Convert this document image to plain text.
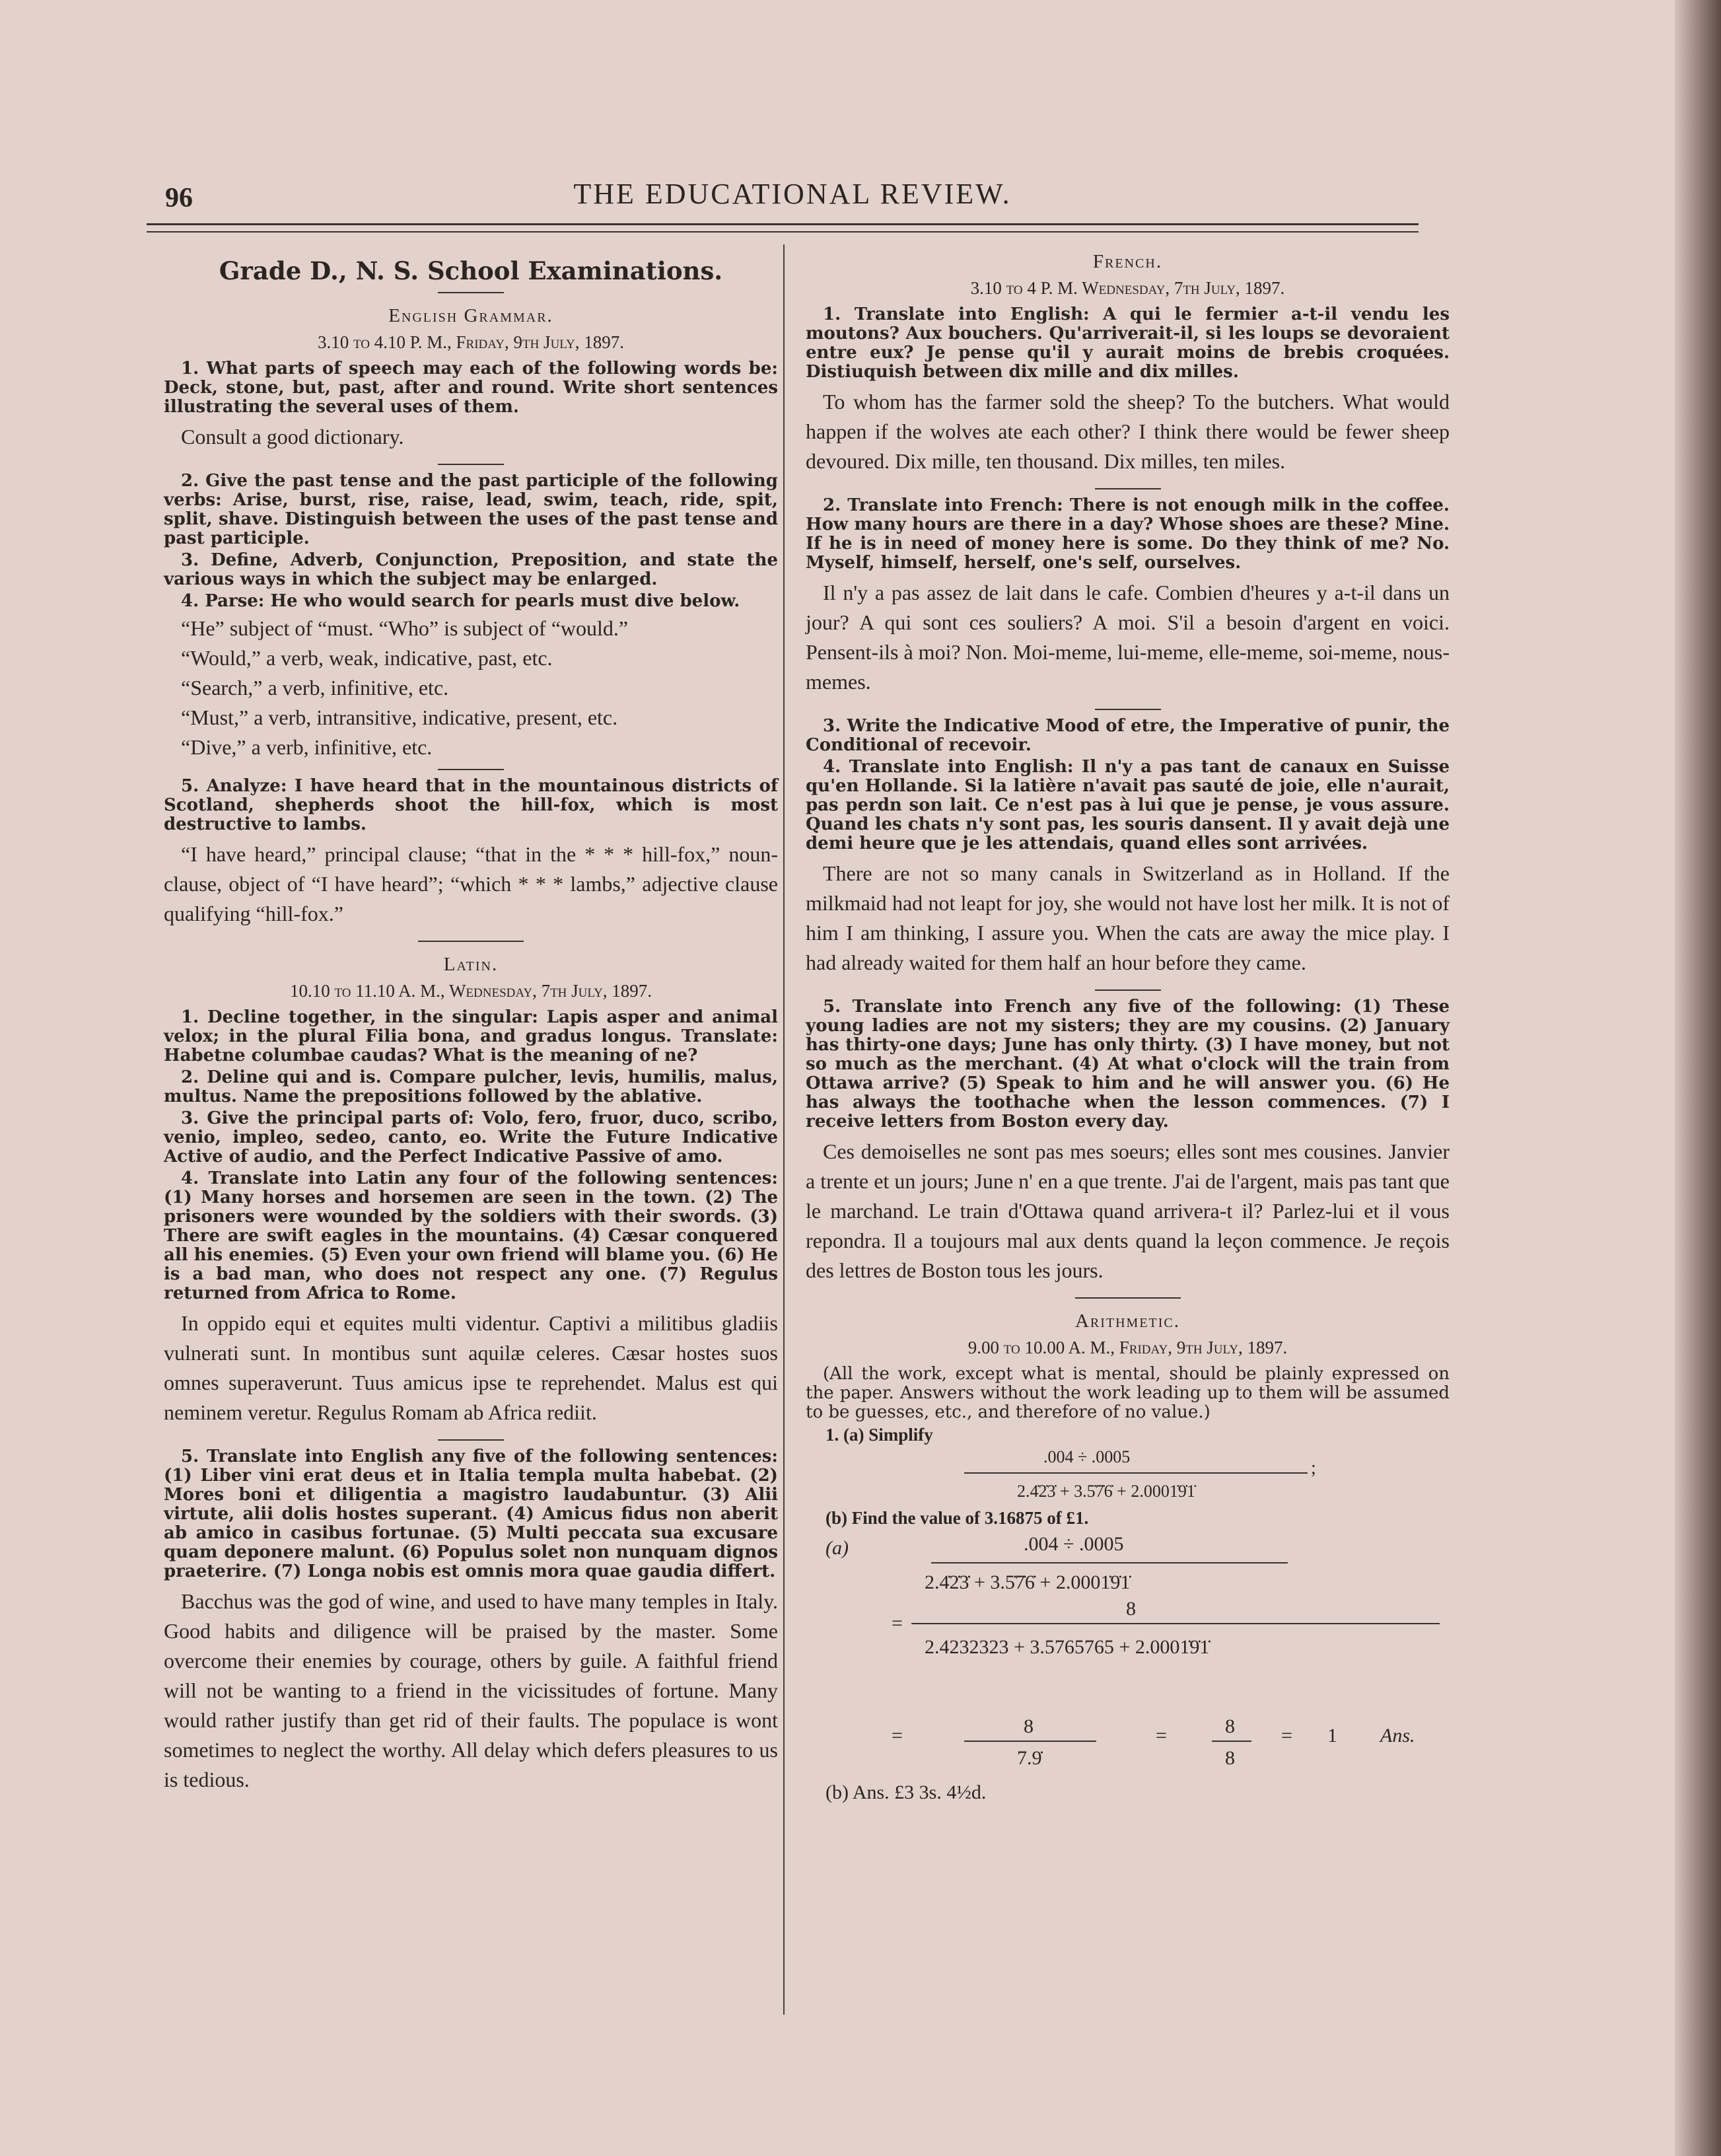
96	THE EDUCATIONAL REVIEW.
Grade D., N. S. School Examinations.
English Grammar.
3.10 to 4.10 P. M., Friday, 9th July, 1897.

1. What parts of speech may each of the following words be: Deck, stone, but, past, after and round. Write short sentences illustrating the several uses of them.

Consult a good dictionary.

2. Give the past tense and the past participle of the following verbs: Arise, burst, rise, raise, lead, swim, teach, ride, spit, split, shave. Distinguish between the uses of the past tense and past participle.

3. Define, Adverb, Conjunction, Preposition, and state the various ways in which the subject may be enlarged.

4. Parse: He who would search for pearls must dive below.

“He” subject of “must. “Who” is subject of “would.”

“Would,” a verb, weak, indicative, past, etc.

“Search,” a verb, infinitive, etc.

“Must,” a verb, intransitive, indicative, present, etc.

“Dive,” a verb, infinitive, etc.

5. Analyze: I have heard that in the mountainous districts of Scotland, shepherds shoot the hill-fox, which is most destructive to lambs.

“I have heard,” principal clause; “that in the * * * hill-fox,” noun-clause, object of “I have heard”; “which * * * lambs,” adjective clause qualifying “hill-fox.”

Latin.
10.10 to 11.10 A. M., Wednesday, 7th July, 1897.

1. Decline together, in the singular: Lapis asper and animal velox; in the plural Filia bona, and gradus longus. Translate: Habetne columbae caudas? What is the meaning of ne?

2. Deline qui and is. Compare pulcher, levis, humilis, malus, multus. Name the prepositions followed by the ablative.

3. Give the principal parts of: Volo, fero, fruor, duco, scribo, venio, impleo, sedeo, canto, eo. Write the Future Indicative Active of audio, and the Perfect Indicative Passive of amo.

4. Translate into Latin any four of the following sentences: (1) Many horses and horsemen are seen in the town. (2) The prisoners were wounded by the soldiers with their swords. (3) There are swift eagles in the mountains. (4) Cæsar conquered all his enemies. (5) Even your own friend will blame you. (6) He is a bad man, who does not respect any one. (7) Regulus returned from Africa to Rome.

In oppido equi et equites multi videntur. Captivi a militibus gladiis vulnerati sunt. In montibus sunt aquilæ celeres. Cæsar hostes suos omnes superaverunt. Tuus amicus ipse te reprehendet. Malus est qui neminem veretur. Regulus Romam ab Africa rediit.

5. Translate into English any five of the following sentences: (1) Liber vini erat deus et in Italia templa multa habebat. (2) Mores boni et diligentia a magistro laudabuntur. (3) Alii virtute, alii dolis hostes superant. (4) Amicus fidus non aberit ab amico in casibus fortunae. (5) Multi peccata sua excusare quam deponere malunt. (6) Populus solet non nunquam dignos praeterire. (7) Longa nobis est omnis mora quae gaudia differt.

Bacchus was the god of wine, and used to have many temples in Italy. Good habits and diligence will be praised by the master. Some overcome their enemies by courage, others by guile. A faithful friend will not be wanting to a friend in the vicissitudes of fortune. Many would rather justify than get rid of their faults. The populace is wont sometimes to neglect the worthy. All delay which defers pleasures to us is tedious.

French.
3.10 to 4 P. M. Wednesday, 7th July, 1897.

1. Translate into English: A qui le fermier a-t-il vendu les moutons? Aux bouchers. Qu'arriverait-il, si les loups se devoraient entre eux? Je pense qu'il y aurait moins de brebis croquées. Distiuquish between dix mille and dix milles.

To whom has the farmer sold the sheep? To the butchers. What would happen if the wolves ate each other? I think there would be fewer sheep devoured. Dix mille, ten thousand. Dix milles, ten miles.

2. Translate into French: There is not enough milk in the coffee. How many hours are there in a day? Whose shoes are these? Mine. If he is in need of money here is some. Do they think of me? No. Myself, himself, herself, one's self, ourselves.

Il n'y a pas assez de lait dans le cafe. Combien d'heures y a-t-il dans un jour? A qui sont ces souliers? A moi. S'il a besoin d'argent en voici. Pensent-ils à moi? Non. Moi-meme, lui-meme, elle-meme, soi-meme, nous-memes.

3. Write the Indicative Mood of etre, the Imperative of punir, the Conditional of recevoir.

4. Translate into English: Il n'y a pas tant de canaux en Suisse qu'en Hollande. Si la latière n'avait pas sauté de joie, elle n'aurait, pas perdn son lait. Ce n'est pas à lui que je pense, je vous assure. Quand les chats n'y sont pas, les souris dansent. Il y avait dejà une demi heure que je les attendais, quand elles sont arrivées.

There are not so many canals in Switzerland as in Holland. If the milkmaid had not leapt for joy, she would not have lost her milk. It is not of him I am thinking, I assure you. When the cats are away the mice play. I had already waited for them half an hour before they came.

5. Translate into French any five of the following: (1) These young ladies are not my sisters; they are my cousins. (2) January has thirty-one days; June has only thirty. (3) I have money, but not so much as the merchant. (4) At what o'clock will the train from Ottawa arrive? (5) Speak to him and he will answer you. (6) He has always the toothache when the lesson commences. (7) I receive letters from Boston every day.

Ces demoiselles ne sont pas mes soeurs; elles sont mes cousines. Janvier a trente et un jours; June n' en a que trente. J'ai de l'argent, mais pas tant que le marchand. Le train d'Ottawa quand arrivera-t il? Parlez-lui et il vous repondra. Il a toujours mal aux dents quand la leçon commence. Je reçois des lettres de Boston tous les jours.

Arithmetic.
9.00 to 10.00 A. M., Friday, 9th July, 1897.

(All the work, except what is mental, should be plainly expressed on the paper. Answers without the work leading up to them will be assumed to be guesses, etc., and therefore of no value.)

1. (a) Simplify
.004 ÷ .0005
;
2.4̇2̇3̇ + 3.5̇7̇6̇ + 2.0001̇9̇1̇
(b) Find the value of 3.16875 of £1.
(a)	.004 ÷ .0005
2.4̇2̇3̇ + 3.5̇7̇6̇ + 2.0001̇9̇1̇
8
=
2.4232323 + 3.5765765 + 2.0001̇9̇1̇
=	8
7.9̇
=	8
8
= 1 Ans.
(b) Ans. £3 3s. 4½d.
